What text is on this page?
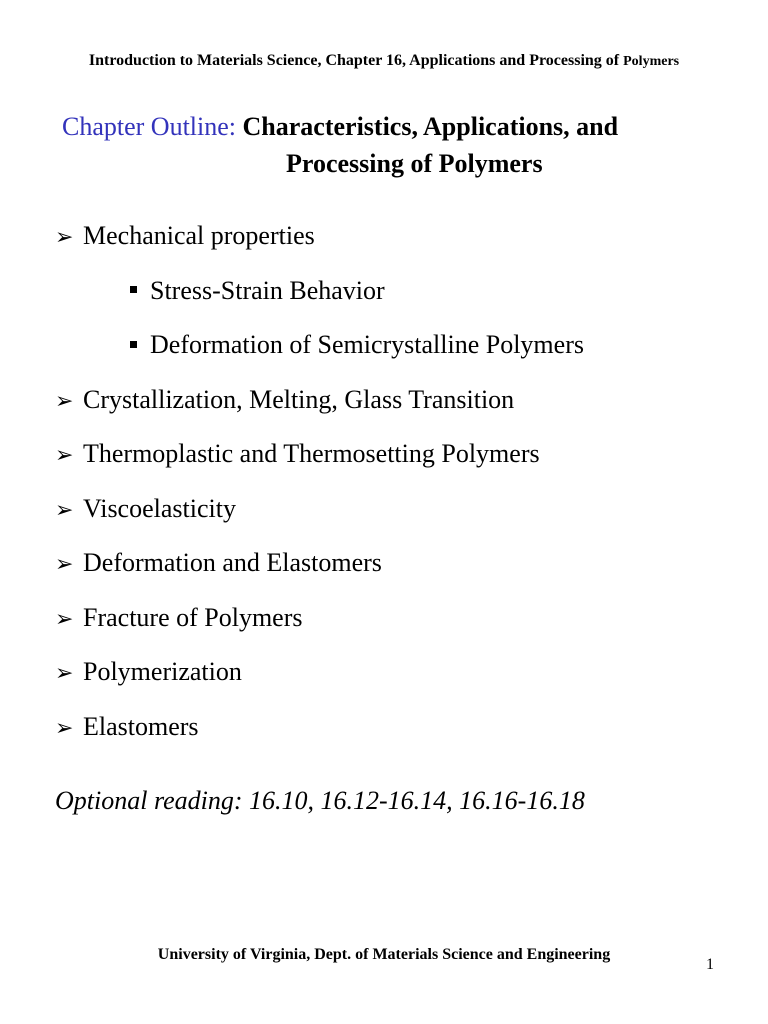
Introduction to Materials Science, Chapter 16, Applications and Processing of Polymers
Chapter Outline: Characteristics, Applications, and
Processing of Polymers
➢ Mechanical properties
Stress-Strain Behavior
Deformation of Semicrystalline Polymers
➢ Crystallization, Melting, Glass Transition
➢ Thermoplastic and Thermosetting Polymers
➢ Viscoelasticity
➢ Deformation and Elastomers
➢ Fracture of Polymers
➢ Polymerization
➢ Elastomers
Optional reading: 16.10, 16.12-16.14, 16.16-16.18
University of Virginia, Dept. of Materials Science and Engineering
1
